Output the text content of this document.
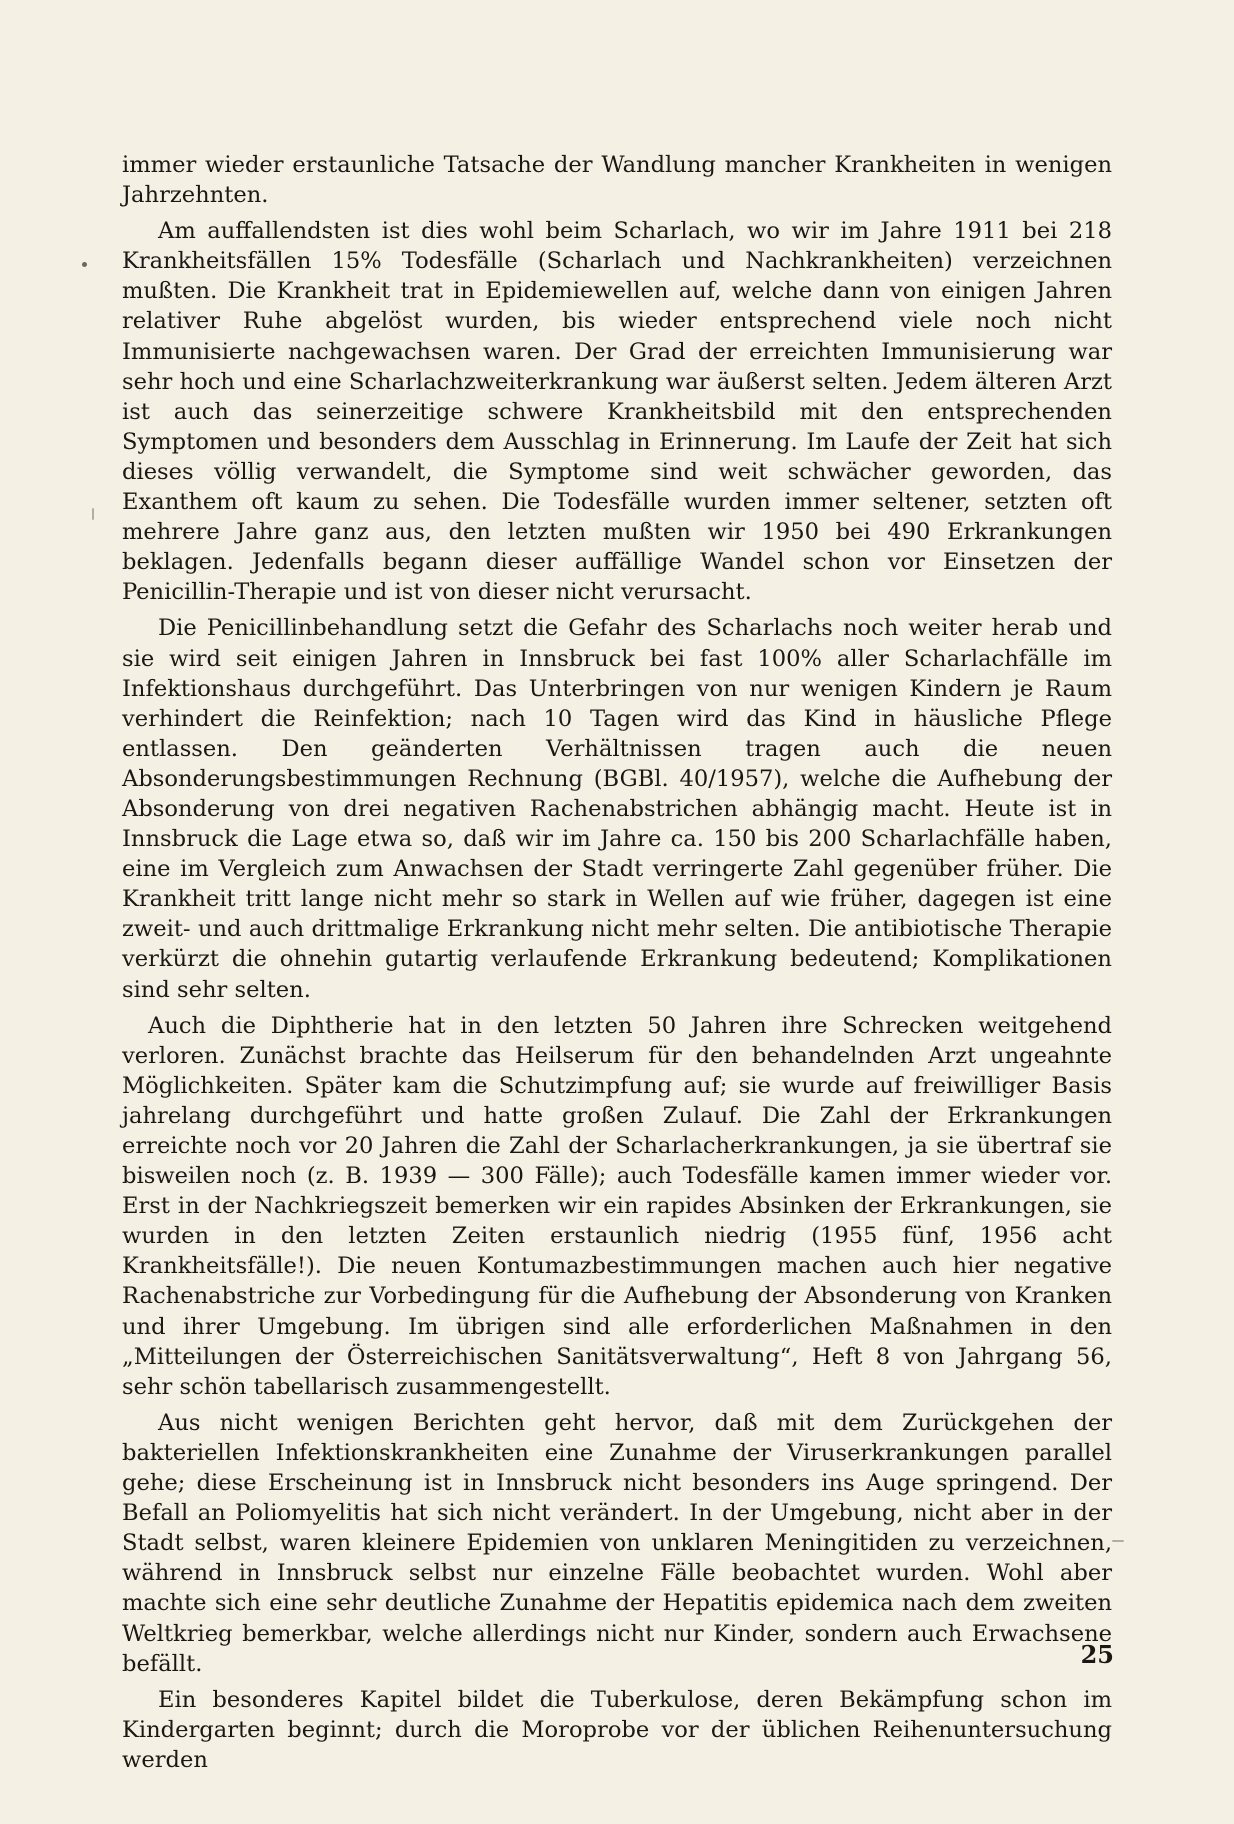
immer wieder erstaunliche Tatsache der Wandlung mancher Krankheiten in wenigen Jahrzehnten.

Am auffallendsten ist dies wohl beim Scharlach, wo wir im Jahre 1911 bei 218 Krankheitsfällen 15% Todesfälle (Scharlach und Nachkrankheiten) verzeichnen mußten. Die Krankheit trat in Epidemiewellen auf, welche dann von einigen Jahren relativer Ruhe abgelöst wurden, bis wieder entsprechend viele noch nicht Immunisierte nachgewachsen waren. Der Grad der erreichten Immunisierung war sehr hoch und eine Scharlachzweiterkrankung war äußerst selten. Jedem älteren Arzt ist auch das seinerzeitige schwere Krankheitsbild mit den entsprechenden Symptomen und besonders dem Ausschlag in Erinnerung. Im Laufe der Zeit hat sich dieses völlig verwandelt, die Symptome sind weit schwächer geworden, das Exanthem oft kaum zu sehen. Die Todesfälle wurden immer seltener, setzten oft mehrere Jahre ganz aus, den letzten mußten wir 1950 bei 490 Erkrankungen beklagen. Jedenfalls begann dieser auffällige Wandel schon vor Einsetzen der Penicillin-Therapie und ist von dieser nicht verursacht.

Die Penicillinbehandlung setzt die Gefahr des Scharlachs noch weiter herab und sie wird seit einigen Jahren in Innsbruck bei fast 100% aller Scharlachfälle im Infektionshaus durchgeführt. Das Unterbringen von nur wenigen Kindern je Raum verhindert die Reinfektion; nach 10 Tagen wird das Kind in häusliche Pflege entlassen. Den geänderten Verhältnissen tragen auch die neuen Absonderungsbestimmungen Rechnung (BGBl. 40/1957), welche die Aufhebung der Absonderung von drei negativen Rachenabstrichen abhängig macht. Heute ist in Innsbruck die Lage etwa so, daß wir im Jahre ca. 150 bis 200 Scharlachfälle haben, eine im Vergleich zum Anwachsen der Stadt verringerte Zahl gegenüber früher. Die Krankheit tritt lange nicht mehr so stark in Wellen auf wie früher, dagegen ist eine zweit- und auch drittmalige Erkrankung nicht mehr selten. Die antibiotische Therapie verkürzt die ohnehin gutartig verlaufende Erkrankung bedeutend; Komplikationen sind sehr selten.

Auch die Diphtherie hat in den letzten 50 Jahren ihre Schrecken weitgehend verloren. Zunächst brachte das Heilserum für den behandelnden Arzt ungeahnte Möglichkeiten. Später kam die Schutzimpfung auf; sie wurde auf freiwilliger Basis jahrelang durchgeführt und hatte großen Zulauf. Die Zahl der Erkrankungen erreichte noch vor 20 Jahren die Zahl der Scharlacherkrankungen, ja sie übertraf sie bisweilen noch (z. B. 1939 — 300 Fälle); auch Todesfälle kamen immer wieder vor. Erst in der Nachkriegszeit bemerken wir ein rapides Absinken der Erkrankungen, sie wurden in den letzten Zeiten erstaunlich niedrig (1955 fünf, 1956 acht Krankheitsfälle!). Die neuen Kontumazbestimmungen machen auch hier negative Rachenabstriche zur Vorbedingung für die Aufhebung der Absonderung von Kranken und ihrer Umgebung. Im übrigen sind alle erforderlichen Maßnahmen in den „Mitteilungen der Österreichischen Sanitätsverwaltung“, Heft 8 von Jahrgang 56, sehr schön tabellarisch zusammengestellt.

Aus nicht wenigen Berichten geht hervor, daß mit dem Zurückgehen der bakteriellen Infektionskrankheiten eine Zunahme der Viruserkrankungen parallel gehe; diese Erscheinung ist in Innsbruck nicht besonders ins Auge springend. Der Befall an Poliomyelitis hat sich nicht verändert. In der Umgebung, nicht aber in der Stadt selbst, waren kleinere Epidemien von unklaren Meningitiden zu verzeichnen, während in Innsbruck selbst nur einzelne Fälle beobachtet wurden. Wohl aber machte sich eine sehr deutliche Zunahme der Hepatitis epidemica nach dem zweiten Weltkrieg bemerkbar, welche allerdings nicht nur Kinder, sondern auch Erwachsene befällt.

Ein besonderes Kapitel bildet die Tuberkulose, deren Bekämpfung schon im Kindergarten beginnt; durch die Moroprobe vor der üblichen Reihenuntersuchung werden

25
